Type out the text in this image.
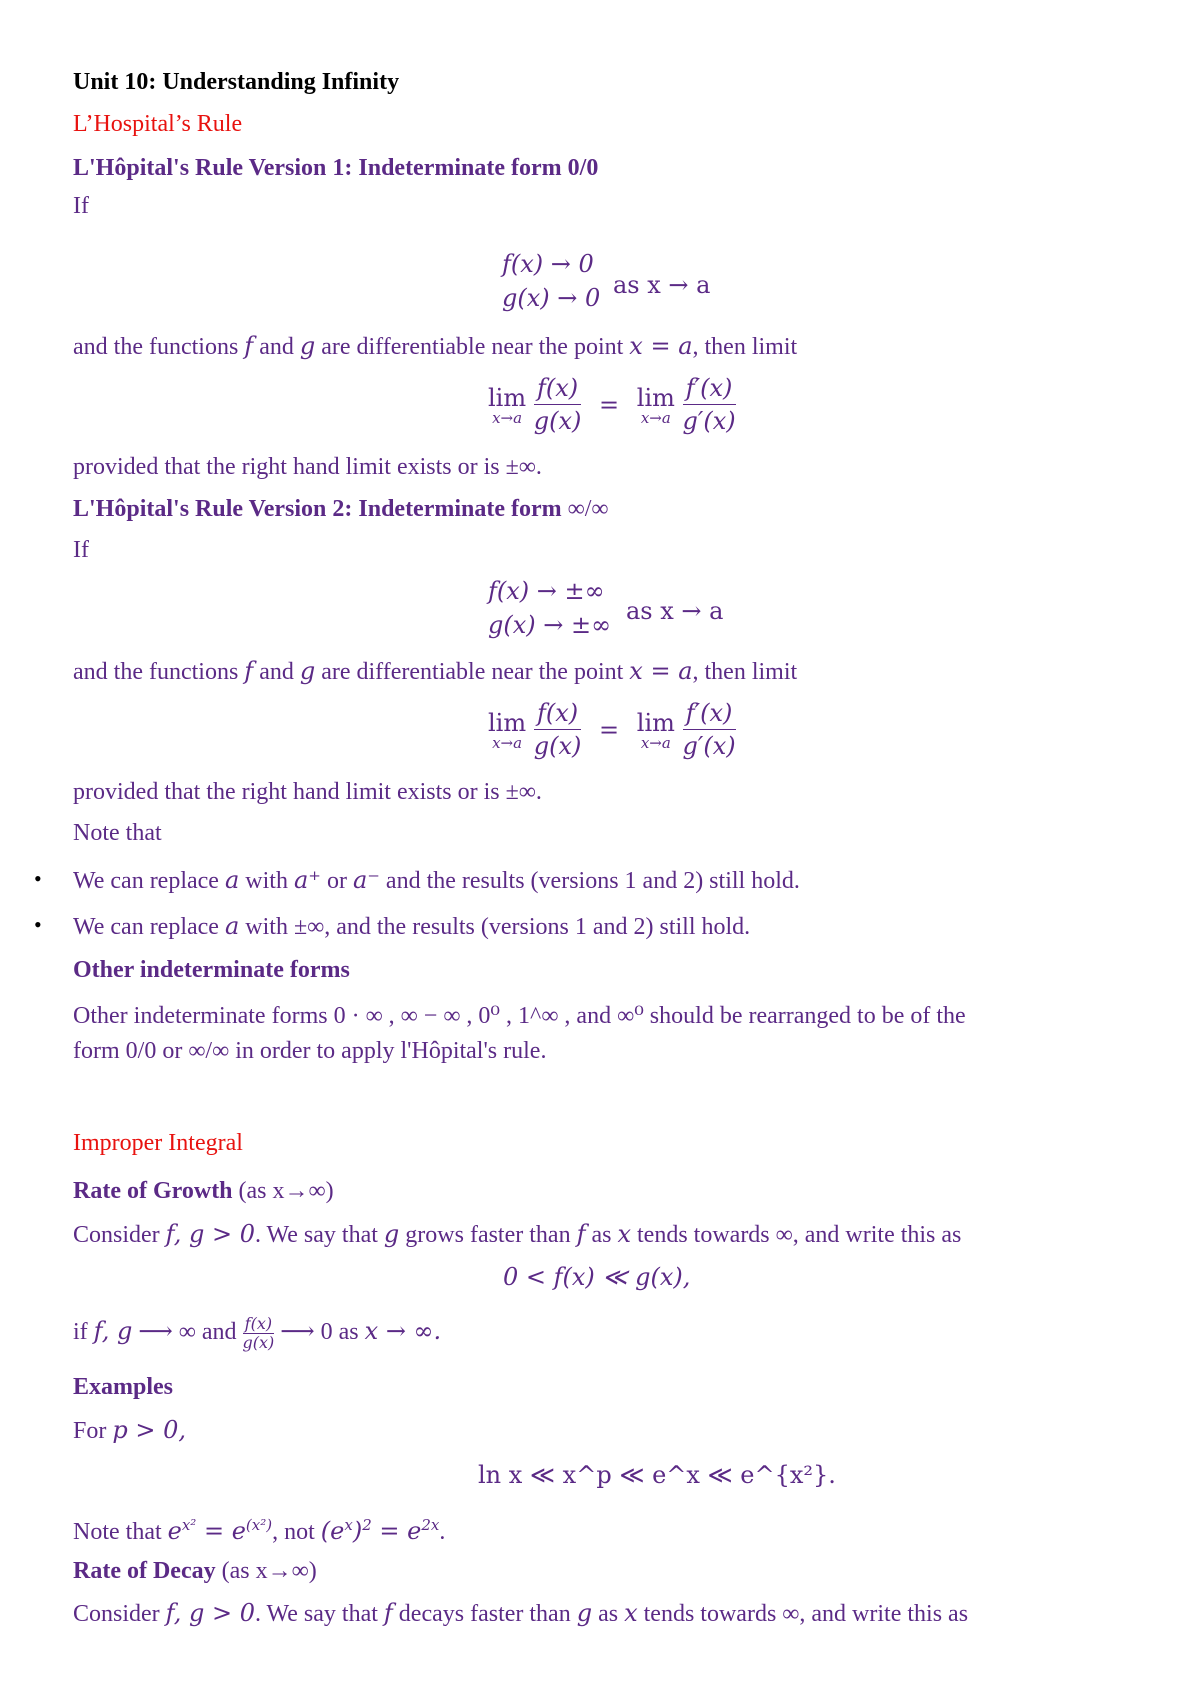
Unit 10: Understanding Infinity
L’Hospital’s Rule
L'Hôpital's Rule Version 1: Indeterminate form 0/0
If
f(x) → 0
g(x) → 0 as x → a
and the functions f and g are differentiable near the point x = a, then limit
lim
x→a
$\frac{f(x)}{g(x)} = \lim$
x→a
$\frac{f'(x)}{g'(x)}$
provided that the right hand limit exists or is ±∞.
L'Hôpital's Rule Version 2: Indeterminate form ∞/∞
If
f(x) → ±∞
g(x) → ±∞ as x → a
and the functions f and g are differentiable near the point x = a, then limit
lim
x→a
$\frac{f(x)}{g(x)} = \lim$
x→a
$\frac{f'(x)}{g'(x)}$
provided that the right hand limit exists or is ±∞.
Note that
• We can replace a with a⁺ or a⁻ and the results (versions 1 and 2) still hold.
• We can replace a with ±∞, and the results (versions 1 and 2) still hold.
Other indeterminate forms
Other indeterminate forms 0 · ∞ , ∞ − ∞ , 0⁰ , 1^∞ , and ∞⁰ should be rearranged to be of the
form 0/0 or ∞/∞ in order to apply l'Hôpital's rule.
Improper Integral
Rate of Growth (as x→∞)
Consider f, g > 0. We say that g grows faster than f as x tends towards ∞, and write this as
0 < f(x) ≪ g(x),
if f, g ⟶ ∞ and $\frac{f(x)}{g(x)}$ ⟶ 0 as x → ∞.
Examples
For p > 0,
ln x ≪ x^p ≪ e^x ≪ e^{x²}.
Note that $e^{x^2} = e^{(x^2)}$, not $(e^x)^2 = e^{2x}$.
Rate of Decay (as x→∞)
Consider f, g > 0. We say that f decays faster than g as x tends towards ∞, and write this as
